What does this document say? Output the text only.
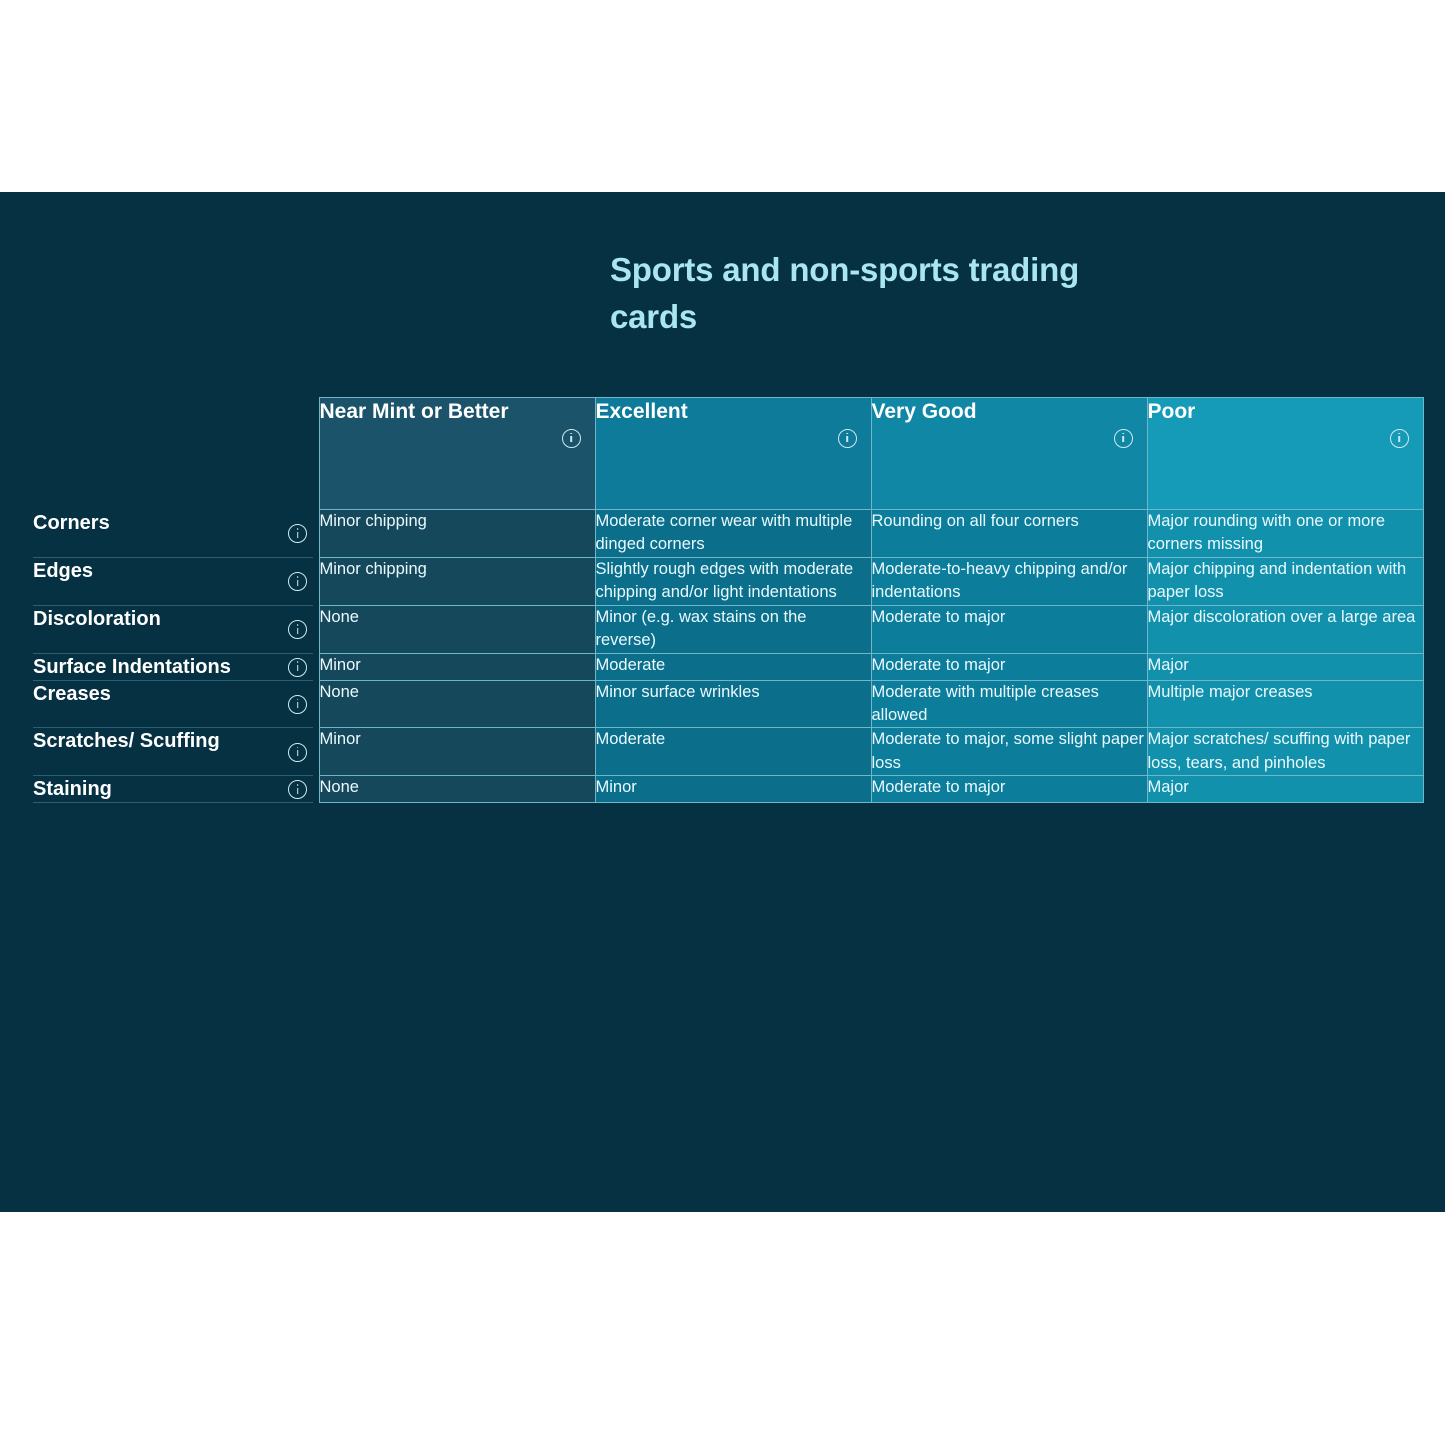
Sports and non-sports trading cards

		Near Mint or Better	Excellent	Very Good	Poor

Corners		Minor chipping	Moderate corner wear with multiple dinged corners	Rounding on all four corners	Major rounding with one or more corners missing
Edges		Minor chipping	Slightly rough edges with moderate chipping and/or light indentations	Moderate-to-heavy chipping and/or indentations	Major chipping and indentation with paper loss
Discoloration		None	Minor (e.g. wax stains on the reverse)	Moderate to major	Major discoloration over a large area
Surface Indentations		Minor	Moderate	Moderate to major	Major
Creases		None	Minor surface wrinkles	Moderate with multiple creases allowed	Multiple major creases
Scratches/ Scuffing		Minor	Moderate	Moderate to major, some slight paper loss	Major scratches/ scuffing with paper loss, tears, and pinholes
Staining		None	Minor	Moderate to major	Major
